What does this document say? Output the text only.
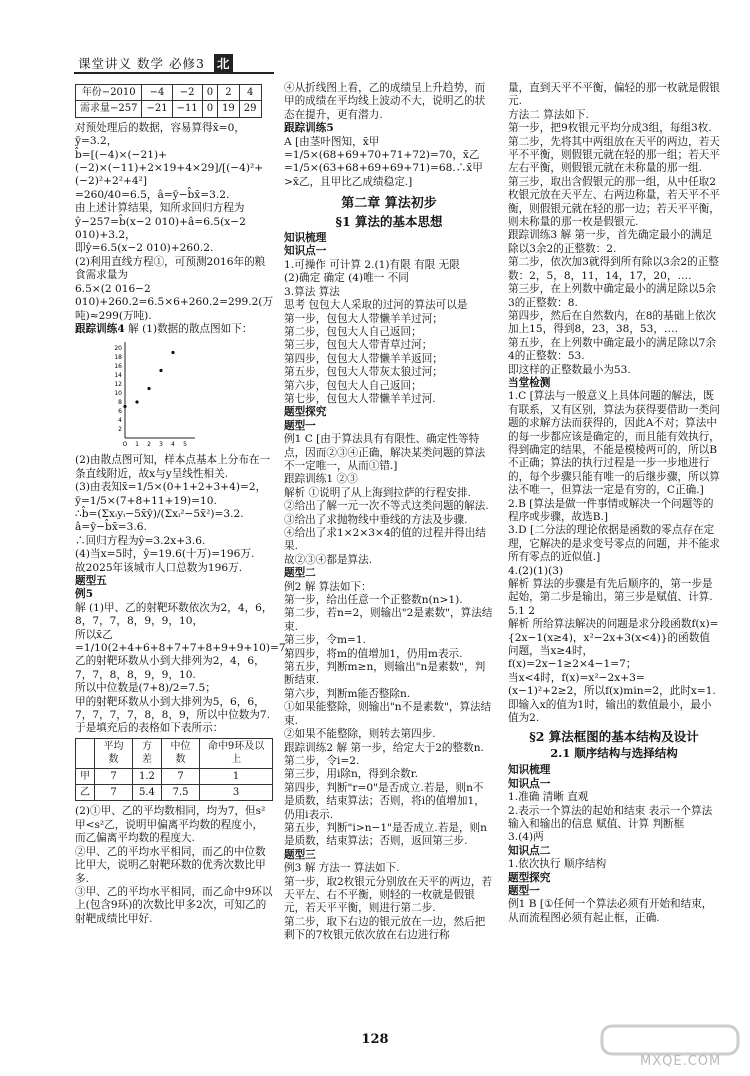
课堂讲义 数学 必修3 北
年份−2010	−4	−2	0	2	4
需求量−257	−21	−11	0	19	29

对预处理后的数据，容易算得x̄=0，ȳ=3.2，

b̂=[(−4)×(−21)+(−2)×(−11)+2×19+4×29]/[(−4)²+(−2)²+2²+4²]

=260/40=6.5，â=ȳ−b̂x̄=3.2.

由上述计算结果，知所求回归方程为

ŷ−257=b̂(x−2 010)+â=6.5(x−2 010)+3.2，

即ŷ=6.5(x−2 010)+260.2.

(2)利用直线方程①，可预测2016年的粮食需求量为

6.5×(2 016−2 010)+260.2=6.5×6+260.2=299.2(万吨)≈299(万吨).

跟踪训练4 解 (1)数据的散点图如下：

20
18
16
14
12
10
8
6
4
2
O 1 2 3 4 5

(2)由散点图可知，样本点基本上分布在一条直线附近，故x与y呈线性相关.

(3)由表知x̄=1/5×(0+1+2+3+4)=2，

ȳ=1/5×(7+8+11+19)=10.

∴b̂=(Σxᵢyᵢ−5x̄ȳ)/(Σxᵢ²−5x̄²)=3.2.

â=ȳ−b̂x̄=3.6.

∴回归方程为ŷ=3.2x+3.6.

(4)当x=5时，ŷ=19.6(十万)=196万.

故2025年该城市人口总数为196万.

题型五

例5

解 (1)甲、乙的射靶环数依次为2，4，6，8，7，7，8，9，9，10，

所以x̄乙=1/10(2+4+6+8+7+7+8+9+9+10)=7，乙的射靶环数从小到大排列为2，4，6，7，7，8，8，9，9，10.

所以中位数是(7+8)/2=7.5；

甲的射靶环数从小到大排列为5，6，6，7，7，7，7，8，8，9，所以中位数为7.

于是填充后的表格如下表所示：

	平均数	方差	中位数	命中9环及以上
甲	7	1.2	7	1
乙	7	5.4	7.5	3

(2)①甲、乙的平均数相同，均为7，但s²甲<s²乙，说明甲偏离平均数的程度小，而乙偏离平均数的程度大.

②甲、乙的平均水平相同，而乙的中位数比甲大，说明乙射靶环数的优秀次数比甲多.

③甲、乙的平均水平相同，而乙命中9环以上(包含9环)的次数比甲多2次，可知乙的射靶成绩比甲好.

④从折线图上看，乙的成绩呈上升趋势，而甲的成绩在平均线上波动不大，说明乙的状态在提升，更有潜力.

跟踪训练5

A [由茎叶图知，x̄甲=1/5×(68+69+70+71+72)=70，x̄乙=1/5×(63+68+69+69+71)=68.∴x̄甲>x̄乙，且甲比乙成绩稳定.]

第二章 算法初步
§1 算法的基本思想

知识梳理

知识点一

1.可操作 可计算 2.(1)有限 有限 无限

(2)确定 确定 (4)唯一 不同

3.算法 算法

思考 包包大人采取的过河的算法可以是

第一步，包包大人带懒羊羊过河；

第二步，包包大人自己返回；

第三步，包包大人带青草过河；

第四步，包包大人带懒羊羊返回；

第五步，包包大人带灰太狼过河；

第六步，包包大人自己返回；

第七步，包包大人带懒羊羊过河.

题型探究

题型一

例1 C [由于算法具有有限性、确定性等特点，因而②③④正确，解决某类问题的算法不一定唯一，从而①错.]

跟踪训练1 ②③

解析 ①说明了从上海到拉萨的行程安排.

②给出了解一元一次不等式这类问题的解法.

③给出了求抛物线中垂线的方法及步骤.

④给出了求1×2×3×4的值的过程并得出结果.

故②③④都是算法.

题型二

例2 解 算法如下：

第一步，给出任意一个正整数n(n>1).

第二步，若n=2，则输出"2是素数"，算法结束.

第三步，令m=1.

第四步，将m的值增加1，仍用m表示.

第五步，判断m≥n，则输出"n是素数"，判断结束.

第六步，判断m能否整除n.

①如果能整除，则输出"n不是素数"，算法结束.

②如果不能整除，则转去第四步.

跟踪训练2 解 第一步，给定大于2的整数n.

第二步，令i=2.

第三步，用i除n，得到余数r.

第四步，判断"r=0"是否成立.若是，则n不是质数，结束算法；否则，将i的值增加1，仍用i表示.

第五步，判断"i>n−1"是否成立.若是，则n是质数，结束算法；否则，返回第三步.

题型三

例3 解 方法一 算法如下.

第一步，取2枚银元分别放在天平的两边，若天平左、右不平衡，则轻的一枚就是假银元，若天平平衡，则进行第二步.

第二步，取下右边的银元放在一边，然后把剩下的7枚银元依次放在右边进行称

量，直到天平不平衡，偏轻的那一枚就是假银元.

方法二 算法如下.

第一步，把9枚银元平均分成3组，每组3枚.

第二步，先将其中两组放在天平的两边，若天平不平衡，则假银元就在轻的那一组；若天平左右平衡，则假银元就在未称量的那一组.

第三步，取出含假银元的那一组，从中任取2枚银元放在天平左、右两边称量，若天平不平衡，则假银元就在轻的那一边；若天平平衡，则未称量的那一枚是假银元.

跟踪训练3 解 第一步，首先确定最小的满足除以3余2的正整数：2.

第二步，依次加3就得到所有除以3余2的正整数：2，5，8，11，14，17，20，….

第三步，在上列数中确定最小的满足除以5余3的正整数：8.

第四步，然后在自然数内，在8的基础上依次加上15，得到8，23，38，53，….

第五步，在上列数中确定最小的满足除以7余4的正整数：53.

即这样的正整数最小为53.

当堂检测

1.C [算法与一般意义上具体问题的解法，既有联系，又有区别，算法为获得要借助一类问题的求解方法而获得的，因此A不对；算法中的每一步都应该是确定的，而且能有效执行，得到确定的结果，不能是模棱两可的，所以B不正确；算法的执行过程是一步一步地进行的，每个步骤只能有唯一的后继步骤，所以算法不唯一，但算法一定是有穷的，C正确.]

2.B [算法是做一件事情或解决一个问题等的程序或步骤，故选B.]

3.D [二分法的理论依据是函数的零点存在定理，它解决的是求变号零点的问题，并不能求所有零点的近似值.]

4.(2)(1)(3)

解析 算法的步骤是有先后顺序的，第一步是起始，第二步是输出，第三步是赋值、计算.

5.1 2

解析 所给算法解决的问题是求分段函数f(x)={2x−1(x≥4)，x²−2x+3(x<4)}的函数值问题，当x≥4时，f(x)=2x−1≥2×4−1=7；

当x<4时，f(x)=x²−2x+3=(x−1)²+2≥2，所以f(x)min=2，此时x=1.即输入x的值为1时，输出的数值最小，最小值为2.

§2 算法框图的基本结构及设计
2.1 顺序结构与选择结构

知识梳理

知识点一

1.准确 清晰 直观

2.表示一个算法的起始和结束 表示一个算法输入和输出的信息 赋值、计算 判断框

3.(4)两

知识点二

1.依次执行 顺序结构

题型探究

题型一

例1 B [①任何一个算法必须有开始和结束，从而流程图必须有起止框，正确.

128
MXQE.COM
